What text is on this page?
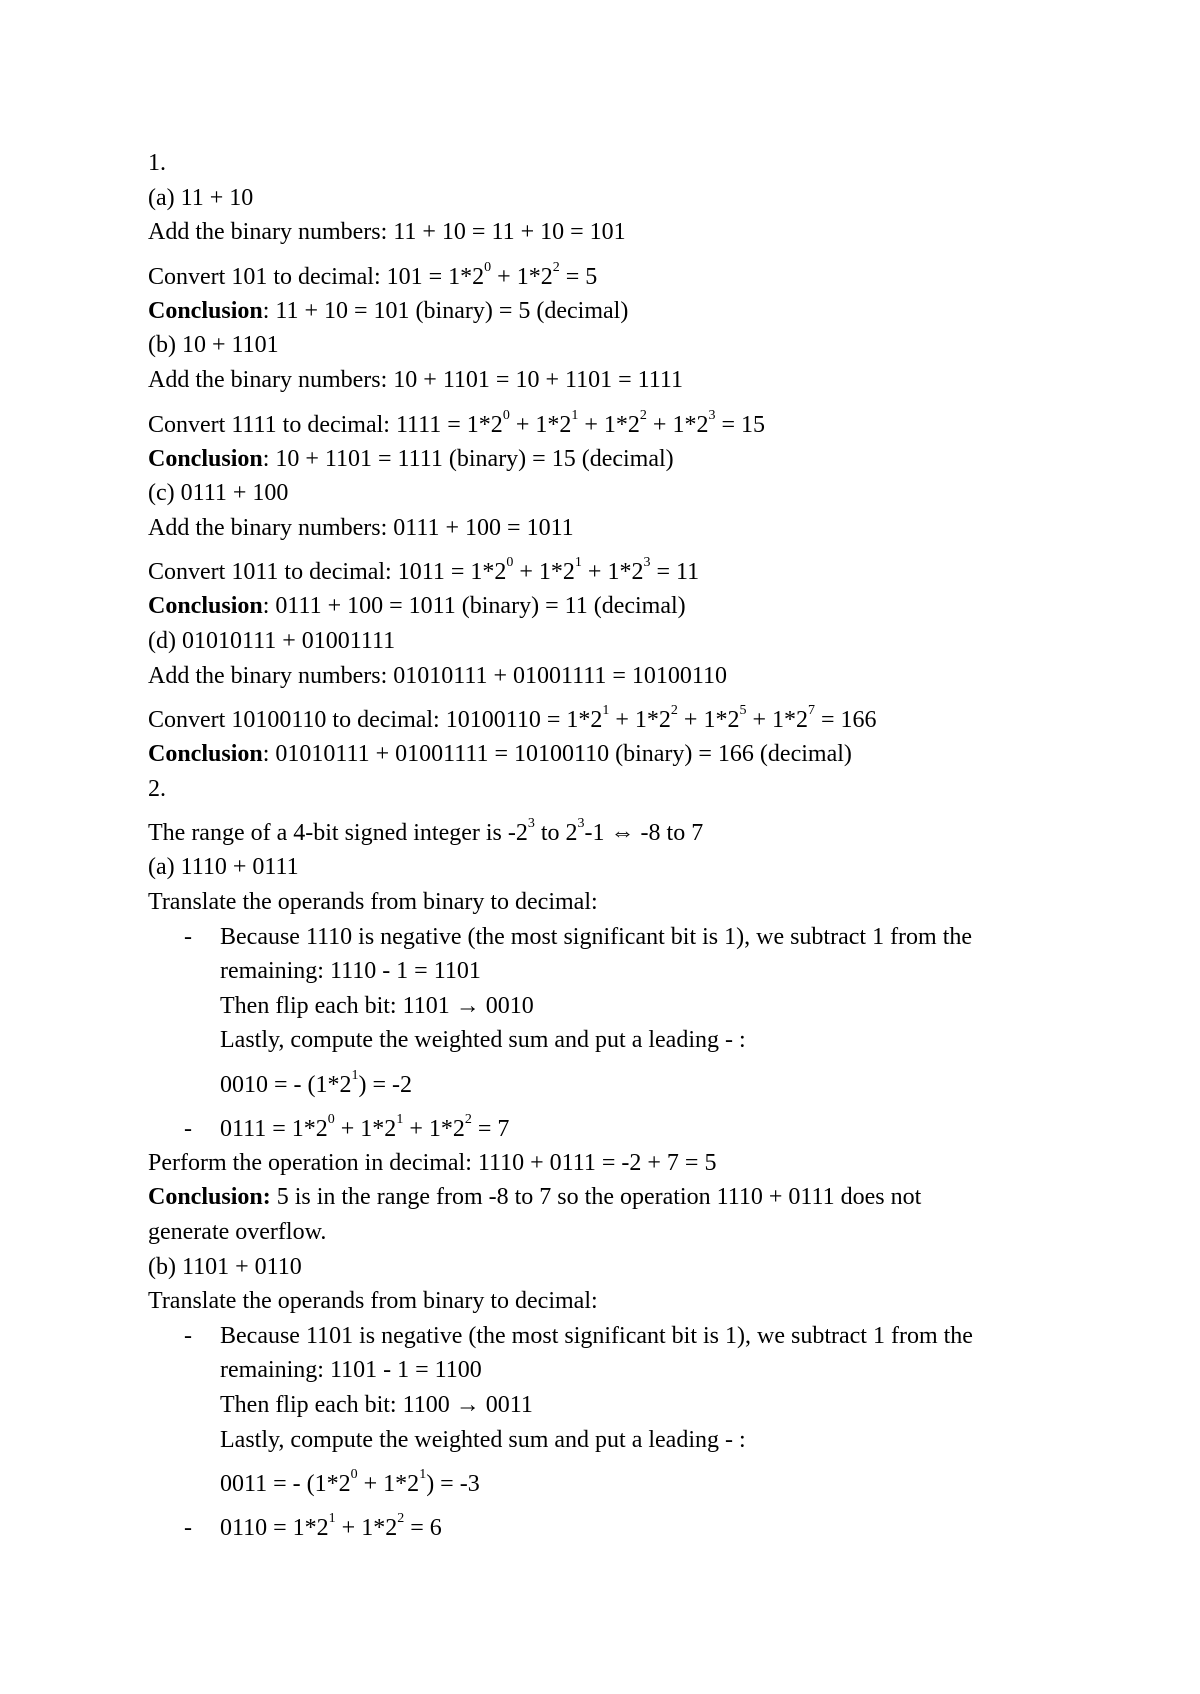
1.
(a) 11 + 10
Add the binary numbers: 11 + 10 = 11 + 10 = 101
Convert 101 to decimal: $101 = 1*2^0 + 1*2^2 = 5$
Conclusion: 11 + 10 = 101 (binary) = 5 (decimal)
(b) 10 + 1101
Add the binary numbers: 10 + 1101 = 10 + 1101 = 1111
Convert 1111 to decimal: $1111 = 1*2^0 + 1*2^1 + 1*2^2 + 1*2^3 = 15$
Conclusion: 10 + 1101 = 1111 (binary) = 15 (decimal)
(c) 0111 + 100
Add the binary numbers: 0111 + 100 = 1011
Convert 1011 to decimal: $1011 = 1*2^0 + 1*2^1 + 1*2^3 = 11$
Conclusion: 0111 + 100 = 1011 (binary) = 11 (decimal)
(d) 01010111 + 01001111
Add the binary numbers: 01010111 + 01001111 = 10100110
Convert 10100110 to decimal: $10100110 = 1*2^1 + 1*2^2 + 1*2^5 + 1*2^7 = 166$
Conclusion: 01010111 + 01001111 = 10100110 (binary) = 166 (decimal)
2.
The range of a 4-bit signed integer is $-2^3$ to $2^3-1$ ⇔ -8 to 7
(a) 1110 + 0111
Translate the operands from binary to decimal:
- Because 1110 is negative (the most significant bit is 1), we subtract 1 from the
remaining: 1110 - 1 = 1101
Then flip each bit: 1101 → 0010
Lastly, compute the weighted sum and put a leading - :
0010 = - $(1*2^1) = -2$
- $0111 = 1*2^0 + 1*2^1 + 1*2^2 = 7$
Perform the operation in decimal: 1110 + 0111 = -2 + 7 = 5
Conclusion: 5 is in the range from -8 to 7 so the operation 1110 + 0111 does not
generate overflow.
(b) 1101 + 0110
Translate the operands from binary to decimal:
- Because 1101 is negative (the most significant bit is 1), we subtract 1 from the
remaining: 1101 - 1 = 1100
Then flip each bit: 1100 → 0011
Lastly, compute the weighted sum and put a leading - :
0011 = - $(1*2^0 + 1*2^1) = -3$
- $0110 = 1*2^1 + 1*2^2 = 6$
